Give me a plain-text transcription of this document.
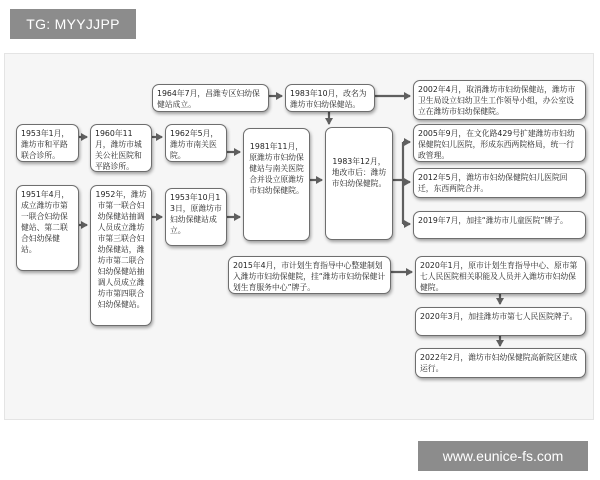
TG: MYYJJPP
1953年1月，潍坊市和平路联合诊所。
1951年4月，成立潍坊市第一联合妇幼保健站、第二联合妇幼保健站。
1960年11月，潍坊市城关公社医院和平路诊所。
1952年，潍坊市第一联合妇幼保健站抽调人员成立潍坊市第三联合妇幼保健站，潍坊市第二联合妇幼保健站抽调人员成立潍坊市第四联合妇幼保健站。
1964年7月，昌潍专区妇幼保健站成立。
1962年5月，潍坊市南关医院。
1953年10月13日，原潍坊市妇幼保健站成立。
1981年11月，原潍坊市妇幼保健站与南关医院合并设立原潍坊市妇幼保健院。
1983年10月，改名为潍坊市妇幼保健站。
1983年12月，地改市后：潍坊市妇幼保健院。
2002年4月，取消潍坊市妇幼保健站，潍坊市卫生局设立妇幼卫生工作领导小组，办公室设立在潍坊市妇幼保健院。
2005年9月，在文化路429号扩建潍坊市妇幼保健院妇儿医院，形成东西两院格局，统一行政管理。
2012年5月，潍坊市妇幼保健院妇儿医院回迁，东西两院合并。
2019年7月，加挂“潍坊市儿童医院”牌子。
2015年4月，市计划生育指导中心整建制划入潍坊市妇幼保健院，挂“潍坊市妇幼保健计划生育服务中心”牌子。
2020年1月，原市计划生育指导中心、原市第七人民医院相关职能及人员并入潍坊市妇幼保健院。
2020年3月，加挂潍坊市第七人民医院牌子。
2022年2月，潍坊市妇幼保健院高新院区建成运行。
www.eunice-fs.com
